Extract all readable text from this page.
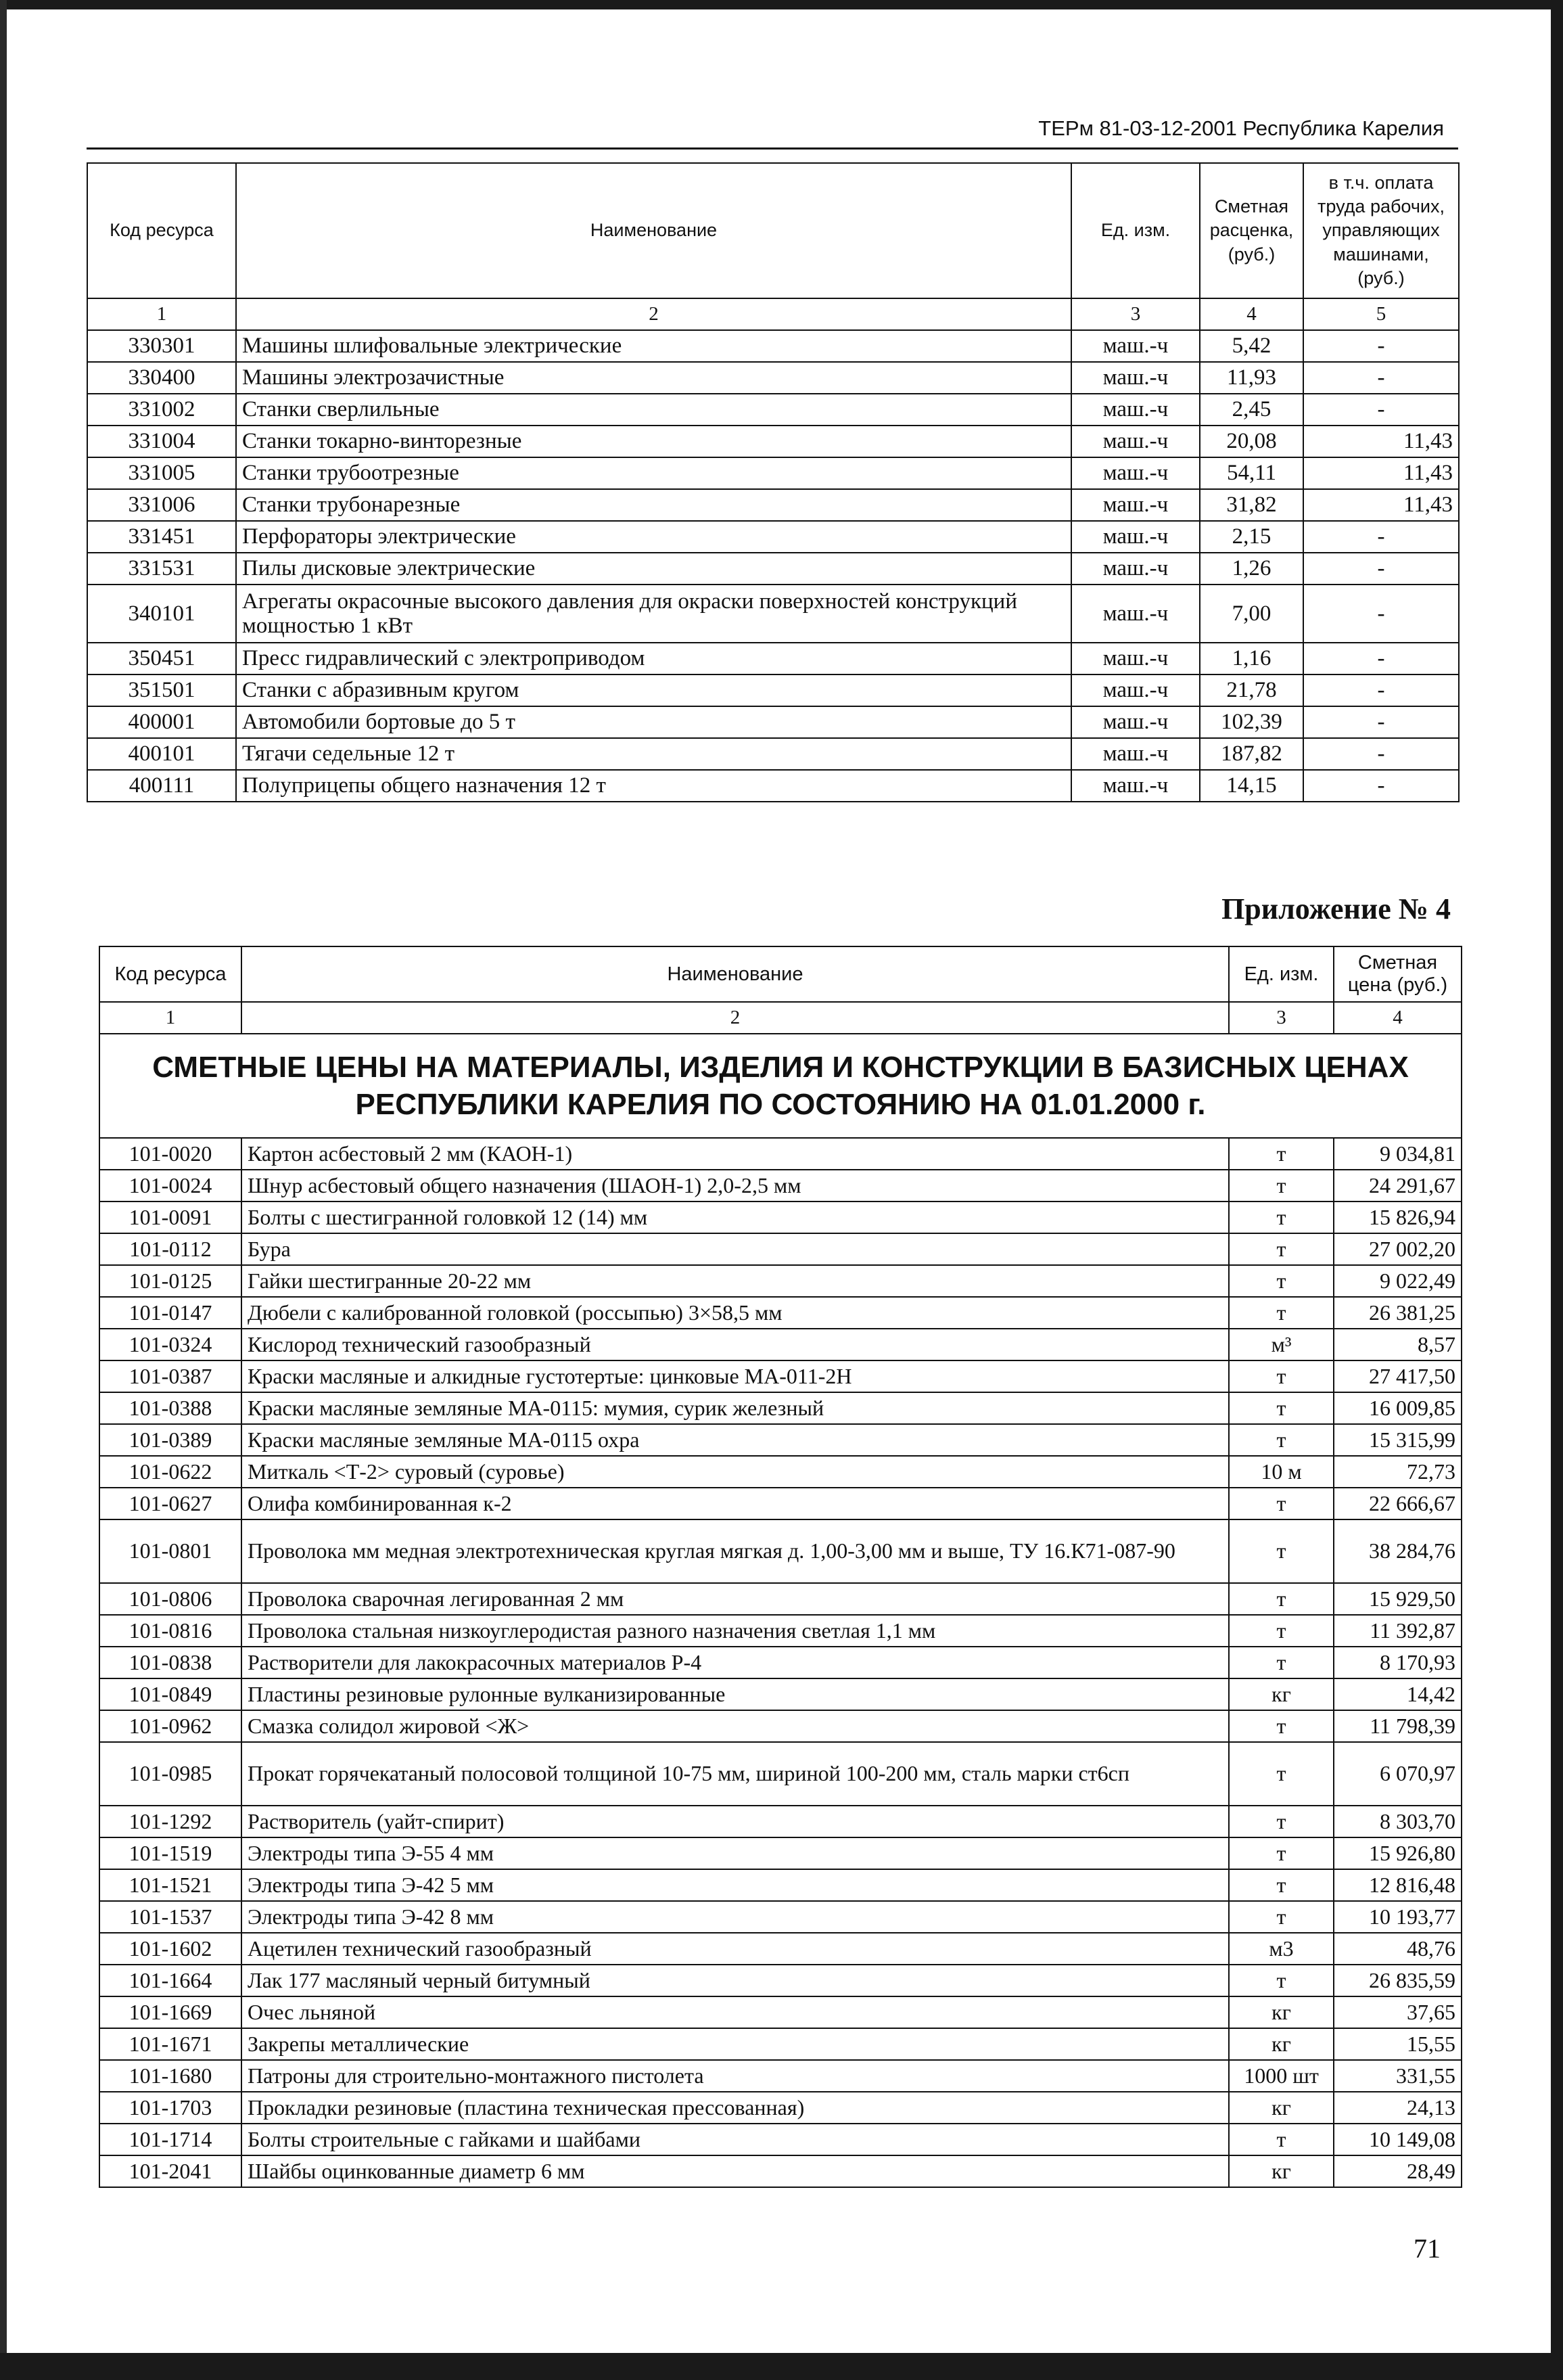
ТЕРм 81-03-12-2001 Республика Карелия
Код ресурса	Наименование	Ед. изм.	Сметная расценка, (руб.)	в т.ч. оплата труда рабочих, управляющих машинами, (руб.)
1	2	3	4	5
330301	Машины шлифовальные электрические	маш.-ч	5,42	-
330400	Машины электрозачистные	маш.-ч	11,93	-
331002	Станки сверлильные	маш.-ч	2,45	-
331004	Станки токарно-винторезные	маш.-ч	20,08	11,43
331005	Станки трубоотрезные	маш.-ч	54,11	11,43
331006	Станки трубонарезные	маш.-ч	31,82	11,43
331451	Перфораторы электрические	маш.-ч	2,15	-
331531	Пилы дисковые электрические	маш.-ч	1,26	-
340101	Агрегаты окрасочные высокого давления для окраски поверхностей конструкций мощностью 1 кВт	маш.-ч	7,00	-
350451	Пресс гидравлический с электроприводом	маш.-ч	1,16	-
351501	Станки с абразивным кругом	маш.-ч	21,78	-
400001	Автомобили бортовые до 5 т	маш.-ч	102,39	-
400101	Тягачи седельные 12 т	маш.-ч	187,82	-
400111	Полуприцепы общего назначения 12 т	маш.-ч	14,15	-
Приложение № 4
Код ресурса	Наименование	Ед. изм.	Сметная цена (руб.)
1	2	3	4
СМЕТНЫЕ ЦЕНЫ НА МАТЕРИАЛЫ, ИЗДЕЛИЯ И КОНСТРУКЦИИ В БАЗИСНЫХ ЦЕНАХ РЕСПУБЛИКИ КАРЕЛИЯ ПО СОСТОЯНИЮ НА 01.01.2000 г.			
101-0020	Картон асбестовый 2 мм (КАОН-1)	т	9 034,81
101-0024	Шнур асбестовый общего назначения (ШАОН-1) 2,0-2,5 мм	т	24 291,67
101-0091	Болты с шестигранной головкой 12 (14) мм	т	15 826,94
101-0112	Бура	т	27 002,20
101-0125	Гайки шестигранные 20-22 мм	т	9 022,49
101-0147	Дюбели с калиброванной головкой (россыпью) 3×58,5 мм	т	26 381,25
101-0324	Кислород технический газообразный	м³	8,57
101-0387	Краски масляные и алкидные густотертые: цинковые МА-011-2Н	т	27 417,50
101-0388	Краски масляные земляные МА-0115: мумия, сурик железный	т	16 009,85
101-0389	Краски масляные земляные МА-0115 охра	т	15 315,99
101-0622	Миткаль <Т-2> суровый (суровье)	10 м	72,73
101-0627	Олифа комбинированная к-2	т	22 666,67
101-0801	Проволока мм медная электротехническая круглая мягкая д. 1,00-3,00 мм и выше, ТУ 16.К71-087-90	т	38 284,76
101-0806	Проволока сварочная легированная 2 мм	т	15 929,50
101-0816	Проволока стальная низкоуглеродистая разного назначения светлая 1,1 мм	т	11 392,87
101-0838	Растворители для лакокрасочных материалов Р-4	т	8 170,93
101-0849	Пластины резиновые рулонные вулканизированные	кг	14,42
101-0962	Смазка солидол жировой <Ж>	т	11 798,39
101-0985	Прокат горячекатаный полосовой толщиной 10-75 мм, шириной 100-200 мм, сталь марки ст6сп	т	6 070,97
101-1292	Растворитель (уайт-спирит)	т	8 303,70
101-1519	Электроды типа Э-55 4 мм	т	15 926,80
101-1521	Электроды типа Э-42 5 мм	т	12 816,48
101-1537	Электроды типа Э-42 8 мм	т	10 193,77
101-1602	Ацетилен технический газообразный	м3	48,76
101-1664	Лак 177 масляный черный битумный	т	26 835,59
101-1669	Очес льняной	кг	37,65
101-1671	Закрепы металлические	кг	15,55
101-1680	Патроны для строительно-монтажного пистолета	1000 шт	331,55
101-1703	Прокладки резиновые (пластина техническая прессованная)	кг	24,13
101-1714	Болты строительные с гайками и шайбами	т	10 149,08
101-2041	Шайбы оцинкованные диаметр 6 мм	кг	28,49
71
